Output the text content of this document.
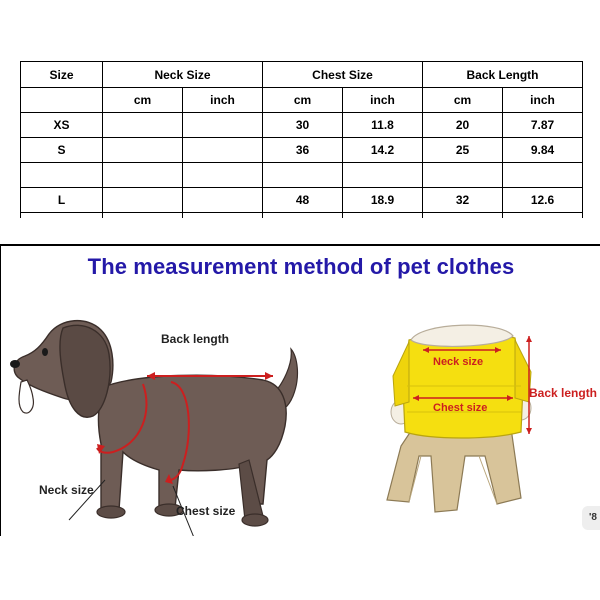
Size	Neck Size		Chest Size		Back Length	
	cm	inch	cm	inch	cm	inch
XS			30	11.8	20	7.87
S			36	14.2	25	9.84

L			48	18.9	32	12.6

The measurement method of pet clothes
Back length
Neck size
Chest size
Neck size
Chest size
Back length
'8
